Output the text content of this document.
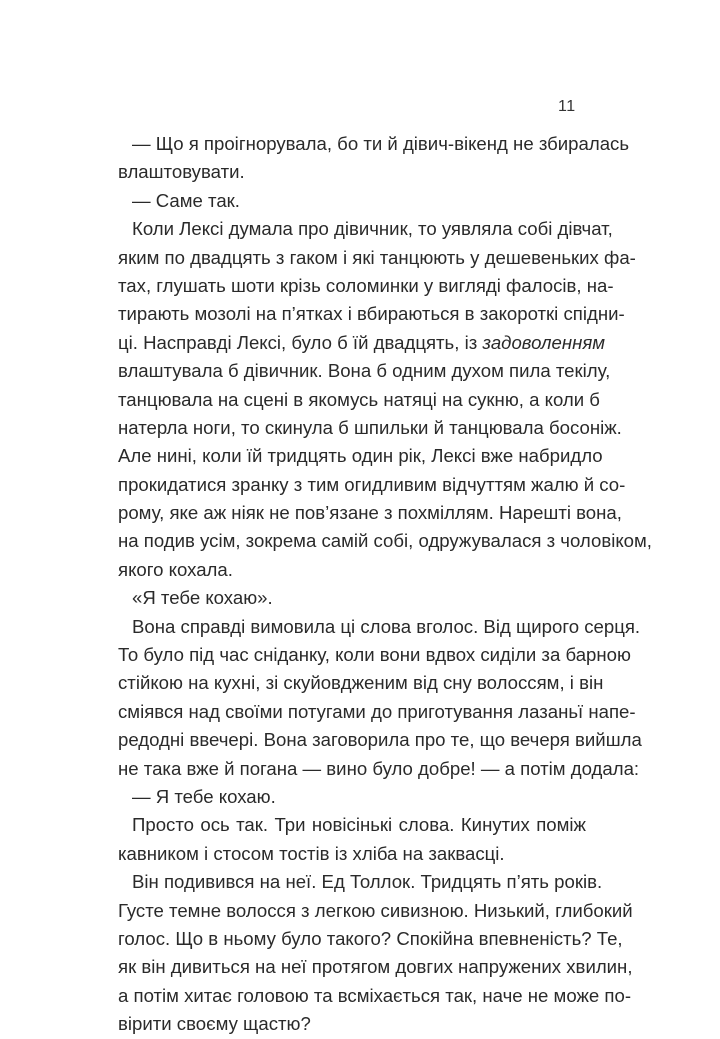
11
— Що я проігнорувала, бо ти й дівич-вікенд не збиралась
влаштовувати.
— Саме так.
Коли Лексі думала про дівичник, то уявляла собі дівчат,
яким по двадцять з гаком і які танцюють у дешевеньких фа-
тах, глушать шоти крізь соломинки у вигляді фалосів, на-
тирають мозолі на п’ятках і вбираються в закороткі спідни-
ці. Насправді Лексі, було б їй двадцять, із задоволенням
влаштувала б дівичник. Вона б одним духом пила текілу,
танцювала на сцені в якомусь натяці на сукню, а коли б
натерла ноги, то скинула б шпильки й танцювала босоніж.
Але нині, коли їй тридцять один рік, Лексі вже набридло
прокидатися зранку з тим огидливим відчуттям жалю й со-
рому, яке аж ніяк не пов’язане з похміллям. Нарешті вона,
на подив усім, зокрема самій собі, одружувалася з чоловіком,
якого кохала.
«Я тебе кохаю».
Вона справді вимовила ці слова вголос. Від щирого серця.
То було під час сніданку, коли вони вдвох сиділи за барною
стійкою на кухні, зі скуйовдженим від сну волоссям, і він
сміявся над своїми потугами до приготування лазаньї напе-
редодні ввечері. Вона заговорила про те, що вечеря вийшла
не така вже й погана — вино було добре! — а потім додала:
— Я тебе кохаю.
Просто ось так. Три новісінькі слова. Кинутих поміж
кавником і стосом тостів із хліба на заквасці.
Він подивився на неї. Ед Толлок. Тридцять п’ять років.
Густе темне волосся з легкою сивизною. Низький, глибокий
голос. Що в ньому було такого? Спокійна впевненість? Те,
як він дивиться на неї протягом довгих напружених хвилин,
а потім хитає головою та всміхається так, наче не може по-
вірити своєму щастю?
